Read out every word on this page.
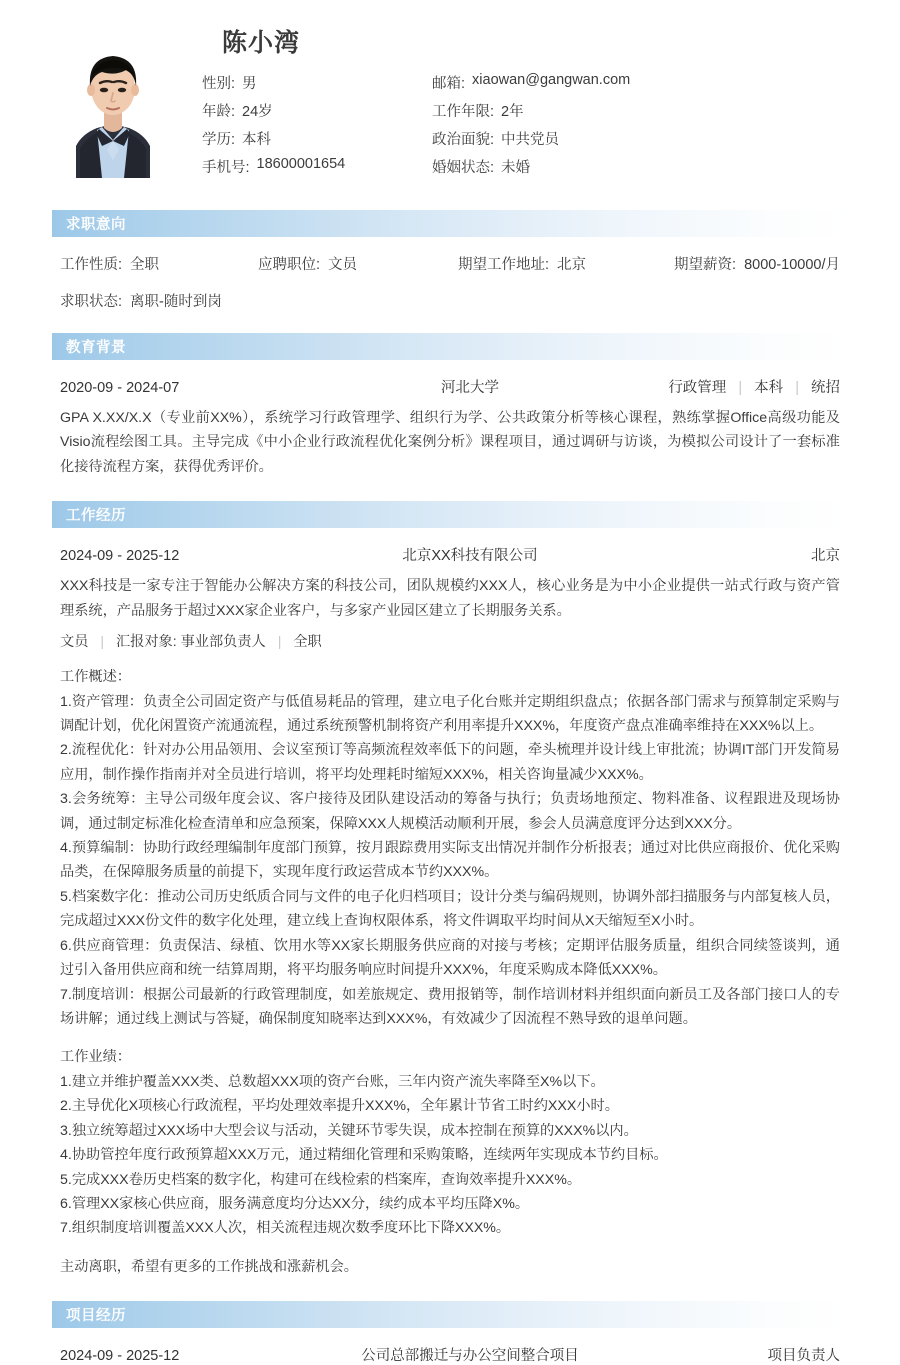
陈小湾
性别: 男	邮箱: xiaowan@gangwan.com
年龄: 24岁	工作年限: 2年
学历: 本科	政治面貌: 中共党员
手机号: 18600001654	婚姻状态: 未婚
求职意向
工作性质: 全职	应聘职位: 文员	期望工作地址: 北京	期望薪资: 8000-10000/月
求职状态: 离职-随时到岗
教育背景
2020-09 - 2024-07	河北大学	行政管理 | 本科 | 统招
GPA X.XX/X.X（专业前XX%），系统学习行政管理学、组织行为学、公共政策分析等核心课程，熟练掌握Office高级功能及Visio流程绘图工具。主导完成《中小企业行政流程优化案例分析》课程项目，通过调研与访谈，为模拟公司设计了一套标准化接待流程方案，获得优秀评价。
工作经历
2024-09 - 2025-12	北京XX科技有限公司	北京
XXX科技是一家专注于智能办公解决方案的科技公司，团队规模约XXX人，核心业务是为中小企业提供一站式行政与资产管理系统，产品服务于超过XXX家企业客户，与多家产业园区建立了长期服务关系。
文员 | 汇报对象: 事业部负责人 | 全职
工作概述：
1.资产管理：负责全公司固定资产与低值易耗品的管理，建立电子化台账并定期组织盘点；依据各部门需求与预算制定采购与调配计划，优化闲置资产流通流程，通过系统预警机制将资产利用率提升XXX%，年度资产盘点准确率维持在XXX%以上。
2.流程优化：针对办公用品领用、会议室预订等高频流程效率低下的问题，牵头梳理并设计线上审批流；协调IT部门开发简易应用，制作操作指南并对全员进行培训，将平均处理耗时缩短XXX%，相关咨询量减少XXX%。
3.会务统筹：主导公司级年度会议、客户接待及团队建设活动的筹备与执行；负责场地预定、物料准备、议程跟进及现场协调，通过制定标准化检查清单和应急预案，保障XXX人规模活动顺利开展，参会人员满意度评分达到XXX分。
4.预算编制：协助行政经理编制年度部门预算，按月跟踪费用实际支出情况并制作分析报表；通过对比供应商报价、优化采购品类，在保障服务质量的前提下，实现年度行政运营成本节约XXX%。
5.档案数字化：推动公司历史纸质合同与文件的电子化归档项目；设计分类与编码规则，协调外部扫描服务与内部复核人员，完成超过XXX份文件的数字化处理，建立线上查询权限体系，将文件调取平均时间从X天缩短至X小时。
6.供应商管理：负责保洁、绿植、饮用水等XX家长期服务供应商的对接与考核；定期评估服务质量，组织合同续签谈判，通过引入备用供应商和统一结算周期，将平均服务响应时间提升XXX%，年度采购成本降低XXX%。
7.制度培训：根据公司最新的行政管理制度，如差旅规定、费用报销等，制作培训材料并组织面向新员工及各部门接口人的专场讲解；通过线上测试与答疑，确保制度知晓率达到XXX%，有效减少了因流程不熟导致的退单问题。
工作业绩：
1.建立并维护覆盖XXX类、总数超XXX项的资产台账，三年内资产流失率降至X%以下。
2.主导优化X项核心行政流程，平均处理效率提升XXX%，全年累计节省工时约XXX小时。
3.独立统筹超过XXX场中大型会议与活动，关键环节零失误，成本控制在预算的XXX%以内。
4.协助管控年度行政预算超XXX万元，通过精细化管理和采购策略，连续两年实现成本节约目标。
5.完成XXX卷历史档案的数字化，构建可在线检索的档案库，查询效率提升XXX%。
6.管理XX家核心供应商，服务满意度均分达XX分，续约成本平均压降X%。
7.组织制度培训覆盖XXX人次，相关流程违规次数季度环比下降XXX%。
主动离职，希望有更多的工作挑战和涨薪机会。
项目经历
2024-09 - 2025-12	公司总部搬迁与办公空间整合项目	项目负责人
